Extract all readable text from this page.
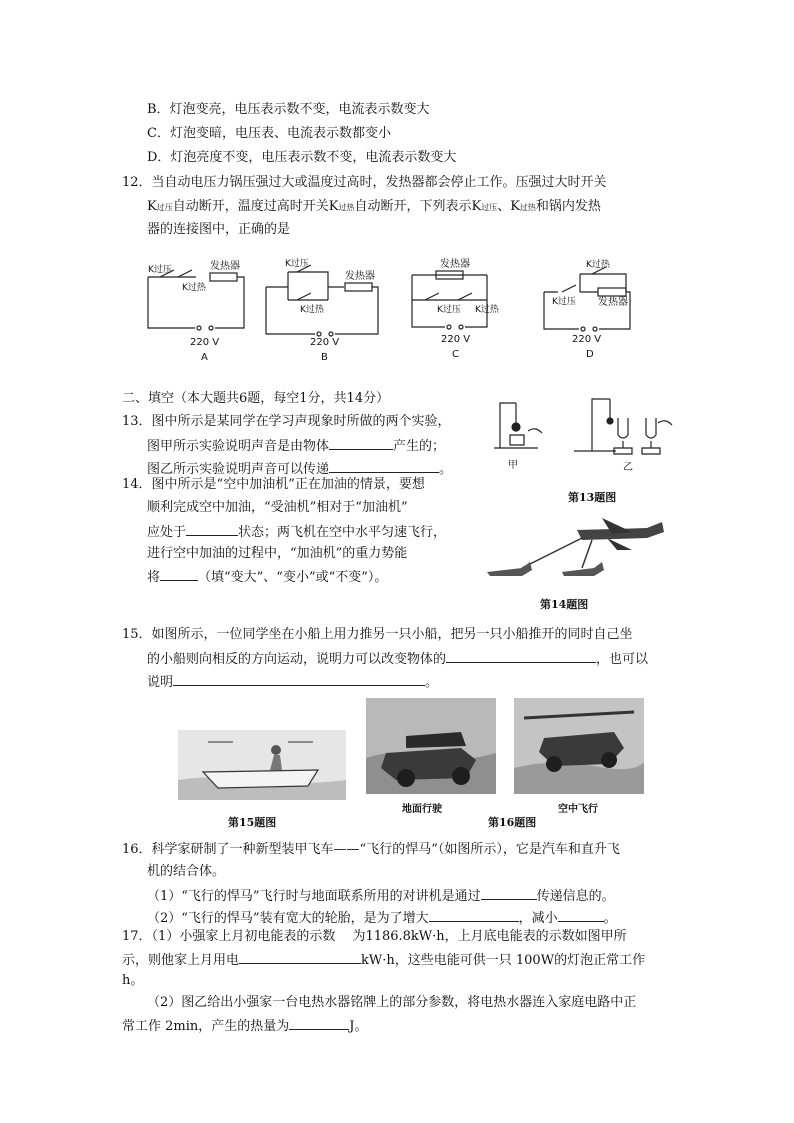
B．灯泡变亮，电压表示数不变，电流表示数变大
C．灯泡变暗，电压表、电流表示数都变小
D．灯泡亮度不变，电压表示数不变，电流表示数变大
12．当自动电压力锅压强过大或温度过高时，发热器都会停止工作。压强过大时开关
K过压自动断开，温度过高时开关K过热自动断开，下列表示K过压、K过热和锅内发热
器的连接图中，正确的是
K过压	发热器
K过热
220 V
A
K过压
发热器
K过热
220 V
B
发热器
K过压 K过热
220 V
C
K过热
K过压 发热器
220 V
D
二、填空（本大题共6题，每空1分，共14分）
13．图中所示是某同学在学习声现象时所做的两个实验，
图甲所示实验说明声音是由物体	产生的；
图乙所示实验说明声音可以传递	。	甲	乙
第13题图
14．图中所示是“空中加油机”正在加油的情景，要想
顺利完成空中加油，“受油机”相对于“加油机”
应处于	状态；两飞机在空中水平匀速飞行，
进行空中加油的过程中，“加油机”的重力势能
将	（填“变大”、“变小”或“不变”）。
第14题图
15．如图所示，一位同学坐在小船上用力推另一只小船，把另一只小船推开的同时自己坐
的小船则向相反的方向运动，说明力可以改变物体的	，也可以
说明	。
第15题图
地面行驶	空中飞行
第16题图
16．科学家研制了一种新型装甲飞车——“飞行的悍马”（如图所示），它是汽车和直升飞
机的结合体。
（1）“飞行的悍马”飞行时与地面联系所用的对讲机是通过	传递信息的。
（2）“飞行的悍马”装有宽大的轮胎，是为了增大	，减小	。
17．（1）小强家上月初电能表的示数　 为1186.8kW·h，上月底电能表的示数如图甲所
示，则他家上月用电	kW·h，这些电能可供一只 100W的灯泡正常工作
h。
（2）图乙给出小强家一台电热水器铭牌上的部分参数，将电热水器连入家庭电路中正
常工作 2min，产生的热量为	J。
